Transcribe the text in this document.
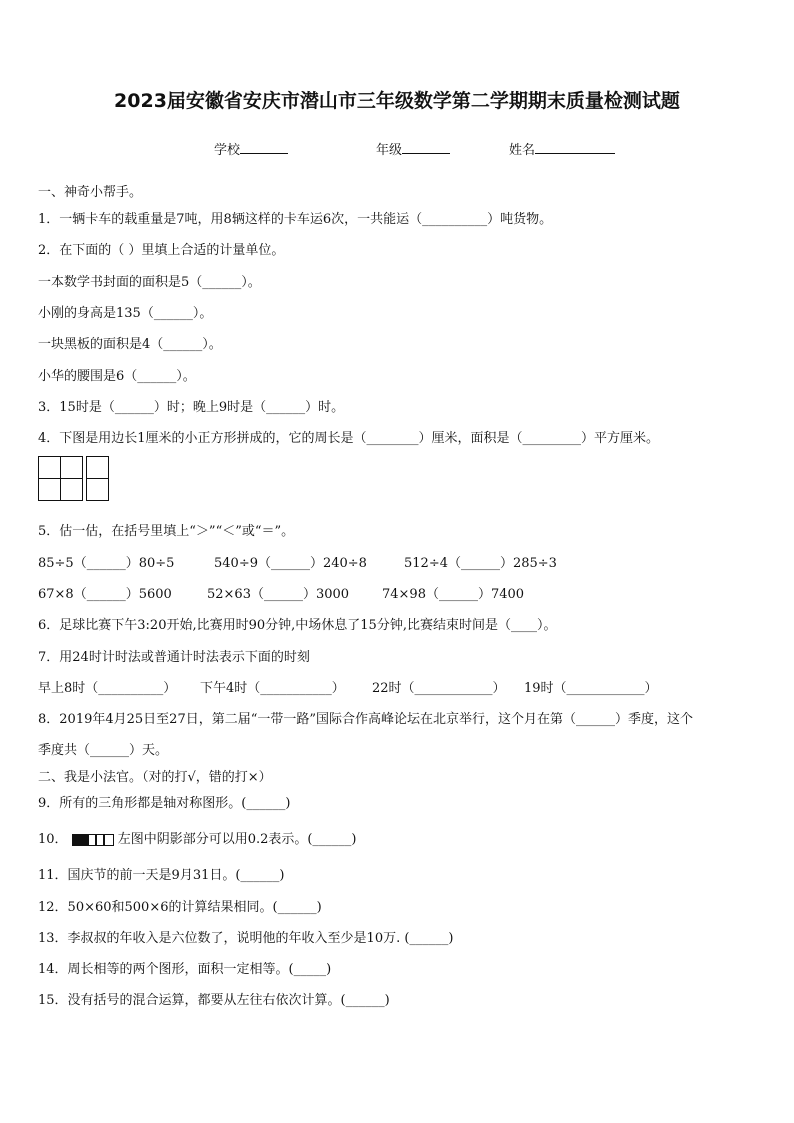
2023届安徽省安庆市潜山市三年级数学第二学期期末质量检测试题
学校	年级	姓名
一、神奇小帮手。
1．一辆卡车的载重量是7吨，用8辆这样的卡车运6次，一共能运（__________）吨货物。
2．在下面的（ ）里填上合适的计量单位。
一本数学书封面的面积是5（______）。
小刚的身高是135（______）。
一块黑板的面积是4（______）。
小华的腰围是6（______）。
3．15时是（______）时；晚上9时是（______）时。
4．下图是用边长1厘米的小正方形拼成的，它的周长是（________）厘米，面积是（_________）平方厘米。
5．估一估，在括号里填上“＞”“＜”或“＝”。
85÷5（______）80÷5	540÷9（______）240÷8	512÷4（______）285÷3
67×8（______）5600	52×63（______）3000	74×98（______）7400
6．足球比赛下午3:20开始,比赛用时90分钟,中场休息了15分钟,比赛结束时间是（____）。
7．用24时计时法或普通计时法表示下面的时刻
早上8时（__________） 下午4时（___________） 22时（____________） 19时（____________）
8．2019年4月25日至27日，第二届“一带一路”国际合作高峰论坛在北京举行，这个月在第（______）季度，这个
季度共（______）天。
二、我是小法官。（对的打√，错的打×）
9．所有的三角形都是轴对称图形。(______)
10．	左图中阴影部分可以用0.2表示。(______)
11．国庆节的前一天是9月31日。(______)
12．50×60和500×6的计算结果相同。(______)
13．李叔叔的年收入是六位数了，说明他的年收入至少是10万. (______)
14．周长相等的两个图形，面积一定相等。(_____)
15．没有括号的混合运算，都要从左往右依次计算。(______)
